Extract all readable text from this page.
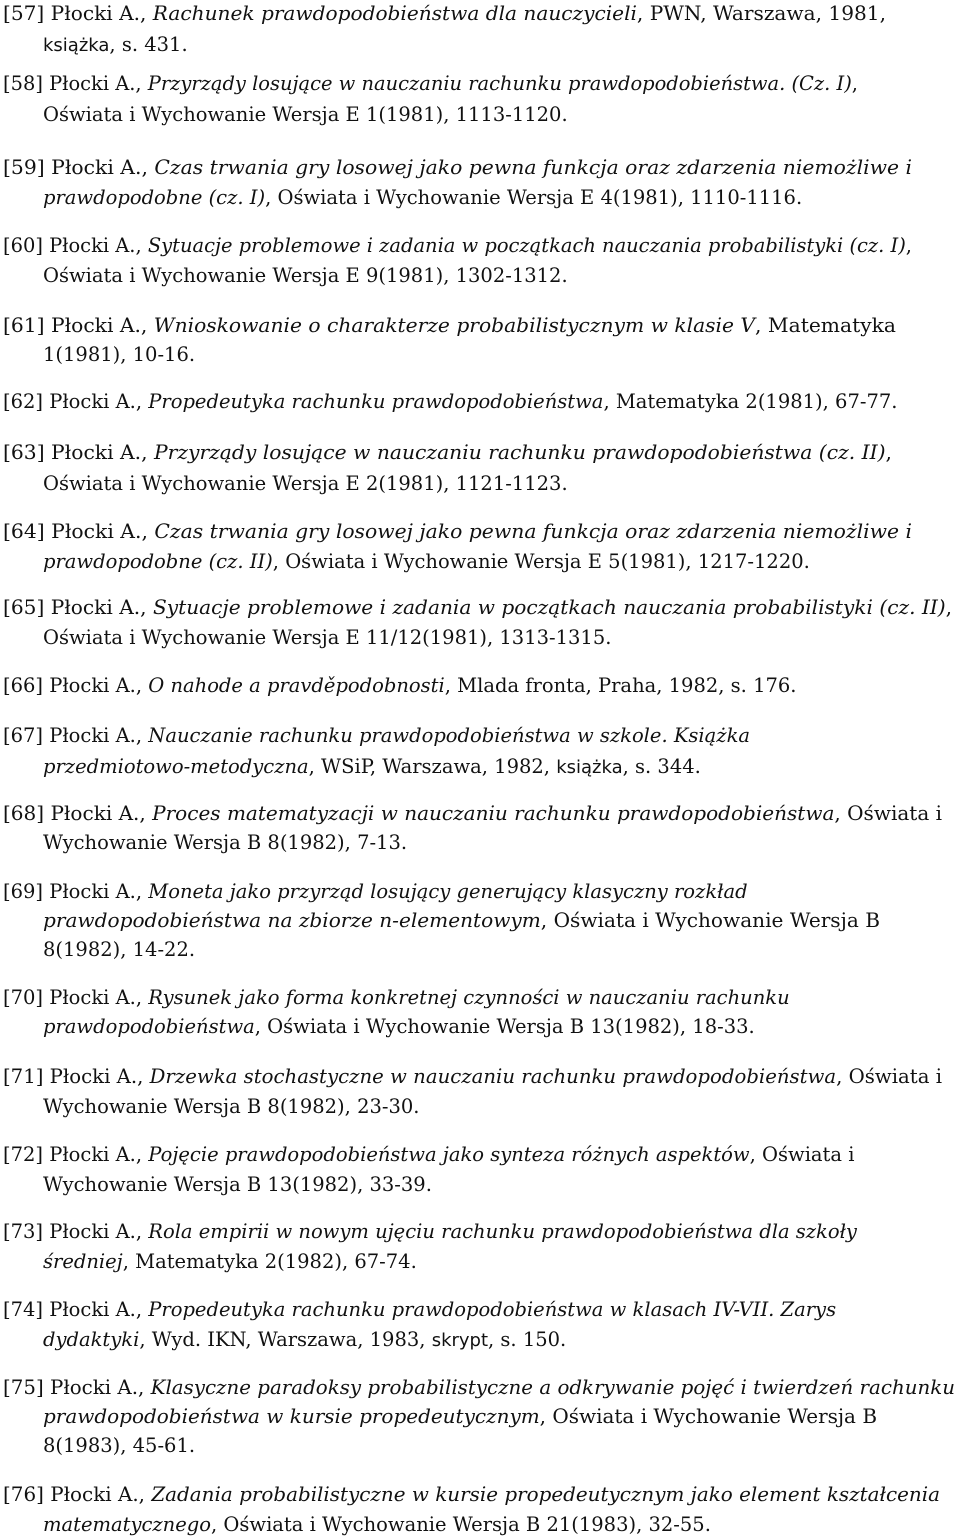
[57] Płocki A., Rachunek prawdopodobieństwa dla nauczycieli, PWN, Warszawa, 1981,
książka, s. 431.
[58] Płocki A., Przyrządy losujące w nauczaniu rachunku prawdopodobieństwa. (Cz. I),
Oświata i Wychowanie Wersja E 1(1981), 1113-1120.
[59] Płocki A., Czas trwania gry losowej jako pewna funkcja oraz zdarzenia niemożliwe i
prawdopodobne (cz. I), Oświata i Wychowanie Wersja E 4(1981), 1110-1116.
[60] Płocki A., Sytuacje problemowe i zadania w początkach nauczania probabilistyki (cz. I),
Oświata i Wychowanie Wersja E 9(1981), 1302-1312.
[61] Płocki A., Wnioskowanie o charakterze probabilistycznym w klasie V, Matematyka
1(1981), 10-16.
[62] Płocki A., Propedeutyka rachunku prawdopodobieństwa, Matematyka 2(1981), 67-77.
[63] Płocki A., Przyrządy losujące w nauczaniu rachunku prawdopodobieństwa (cz. II),
Oświata i Wychowanie Wersja E 2(1981), 1121-1123.
[64] Płocki A., Czas trwania gry losowej jako pewna funkcja oraz zdarzenia niemożliwe i
prawdopodobne (cz. II), Oświata i Wychowanie Wersja E 5(1981), 1217-1220.
[65] Płocki A., Sytuacje problemowe i zadania w początkach nauczania probabilistyki (cz. II),
Oświata i Wychowanie Wersja E 11/12(1981), 1313-1315.
[66] Płocki A., O nahode a pravděpodobnosti, Mlada fronta, Praha, 1982, s. 176.
[67] Płocki A., Nauczanie rachunku prawdopodobieństwa w szkole. Książka
przedmiotowo-metodyczna, WSiP, Warszawa, 1982, książka, s. 344.
[68] Płocki A., Proces matematyzacji w nauczaniu rachunku prawdopodobieństwa, Oświata i
Wychowanie Wersja B 8(1982), 7-13.
[69] Płocki A., Moneta jako przyrząd losujący generujący klasyczny rozkład
prawdopodobieństwa na zbiorze n-elementowym, Oświata i Wychowanie Wersja B
8(1982), 14-22.
[70] Płocki A., Rysunek jako forma konkretnej czynności w nauczaniu rachunku
prawdopodobieństwa, Oświata i Wychowanie Wersja B 13(1982), 18-33.
[71] Płocki A., Drzewka stochastyczne w nauczaniu rachunku prawdopodobieństwa, Oświata i
Wychowanie Wersja B 8(1982), 23-30.
[72] Płocki A., Pojęcie prawdopodobieństwa jako synteza różnych aspektów, Oświata i
Wychowanie Wersja B 13(1982), 33-39.
[73] Płocki A., Rola empirii w nowym ujęciu rachunku prawdopodobieństwa dla szkoły
średniej, Matematyka 2(1982), 67-74.
[74] Płocki A., Propedeutyka rachunku prawdopodobieństwa w klasach IV-VII. Zarys
dydaktyki, Wyd. IKN, Warszawa, 1983, skrypt, s. 150.
[75] Płocki A., Klasyczne paradoksy probabilistyczne a odkrywanie pojęć i twierdzeń rachunku
prawdopodobieństwa w kursie propedeutycznym, Oświata i Wychowanie Wersja B
8(1983), 45-61.
[76] Płocki A., Zadania probabilistyczne w kursie propedeutycznym jako element kształcenia
matematycznego, Oświata i Wychowanie Wersja B 21(1983), 32-55.
